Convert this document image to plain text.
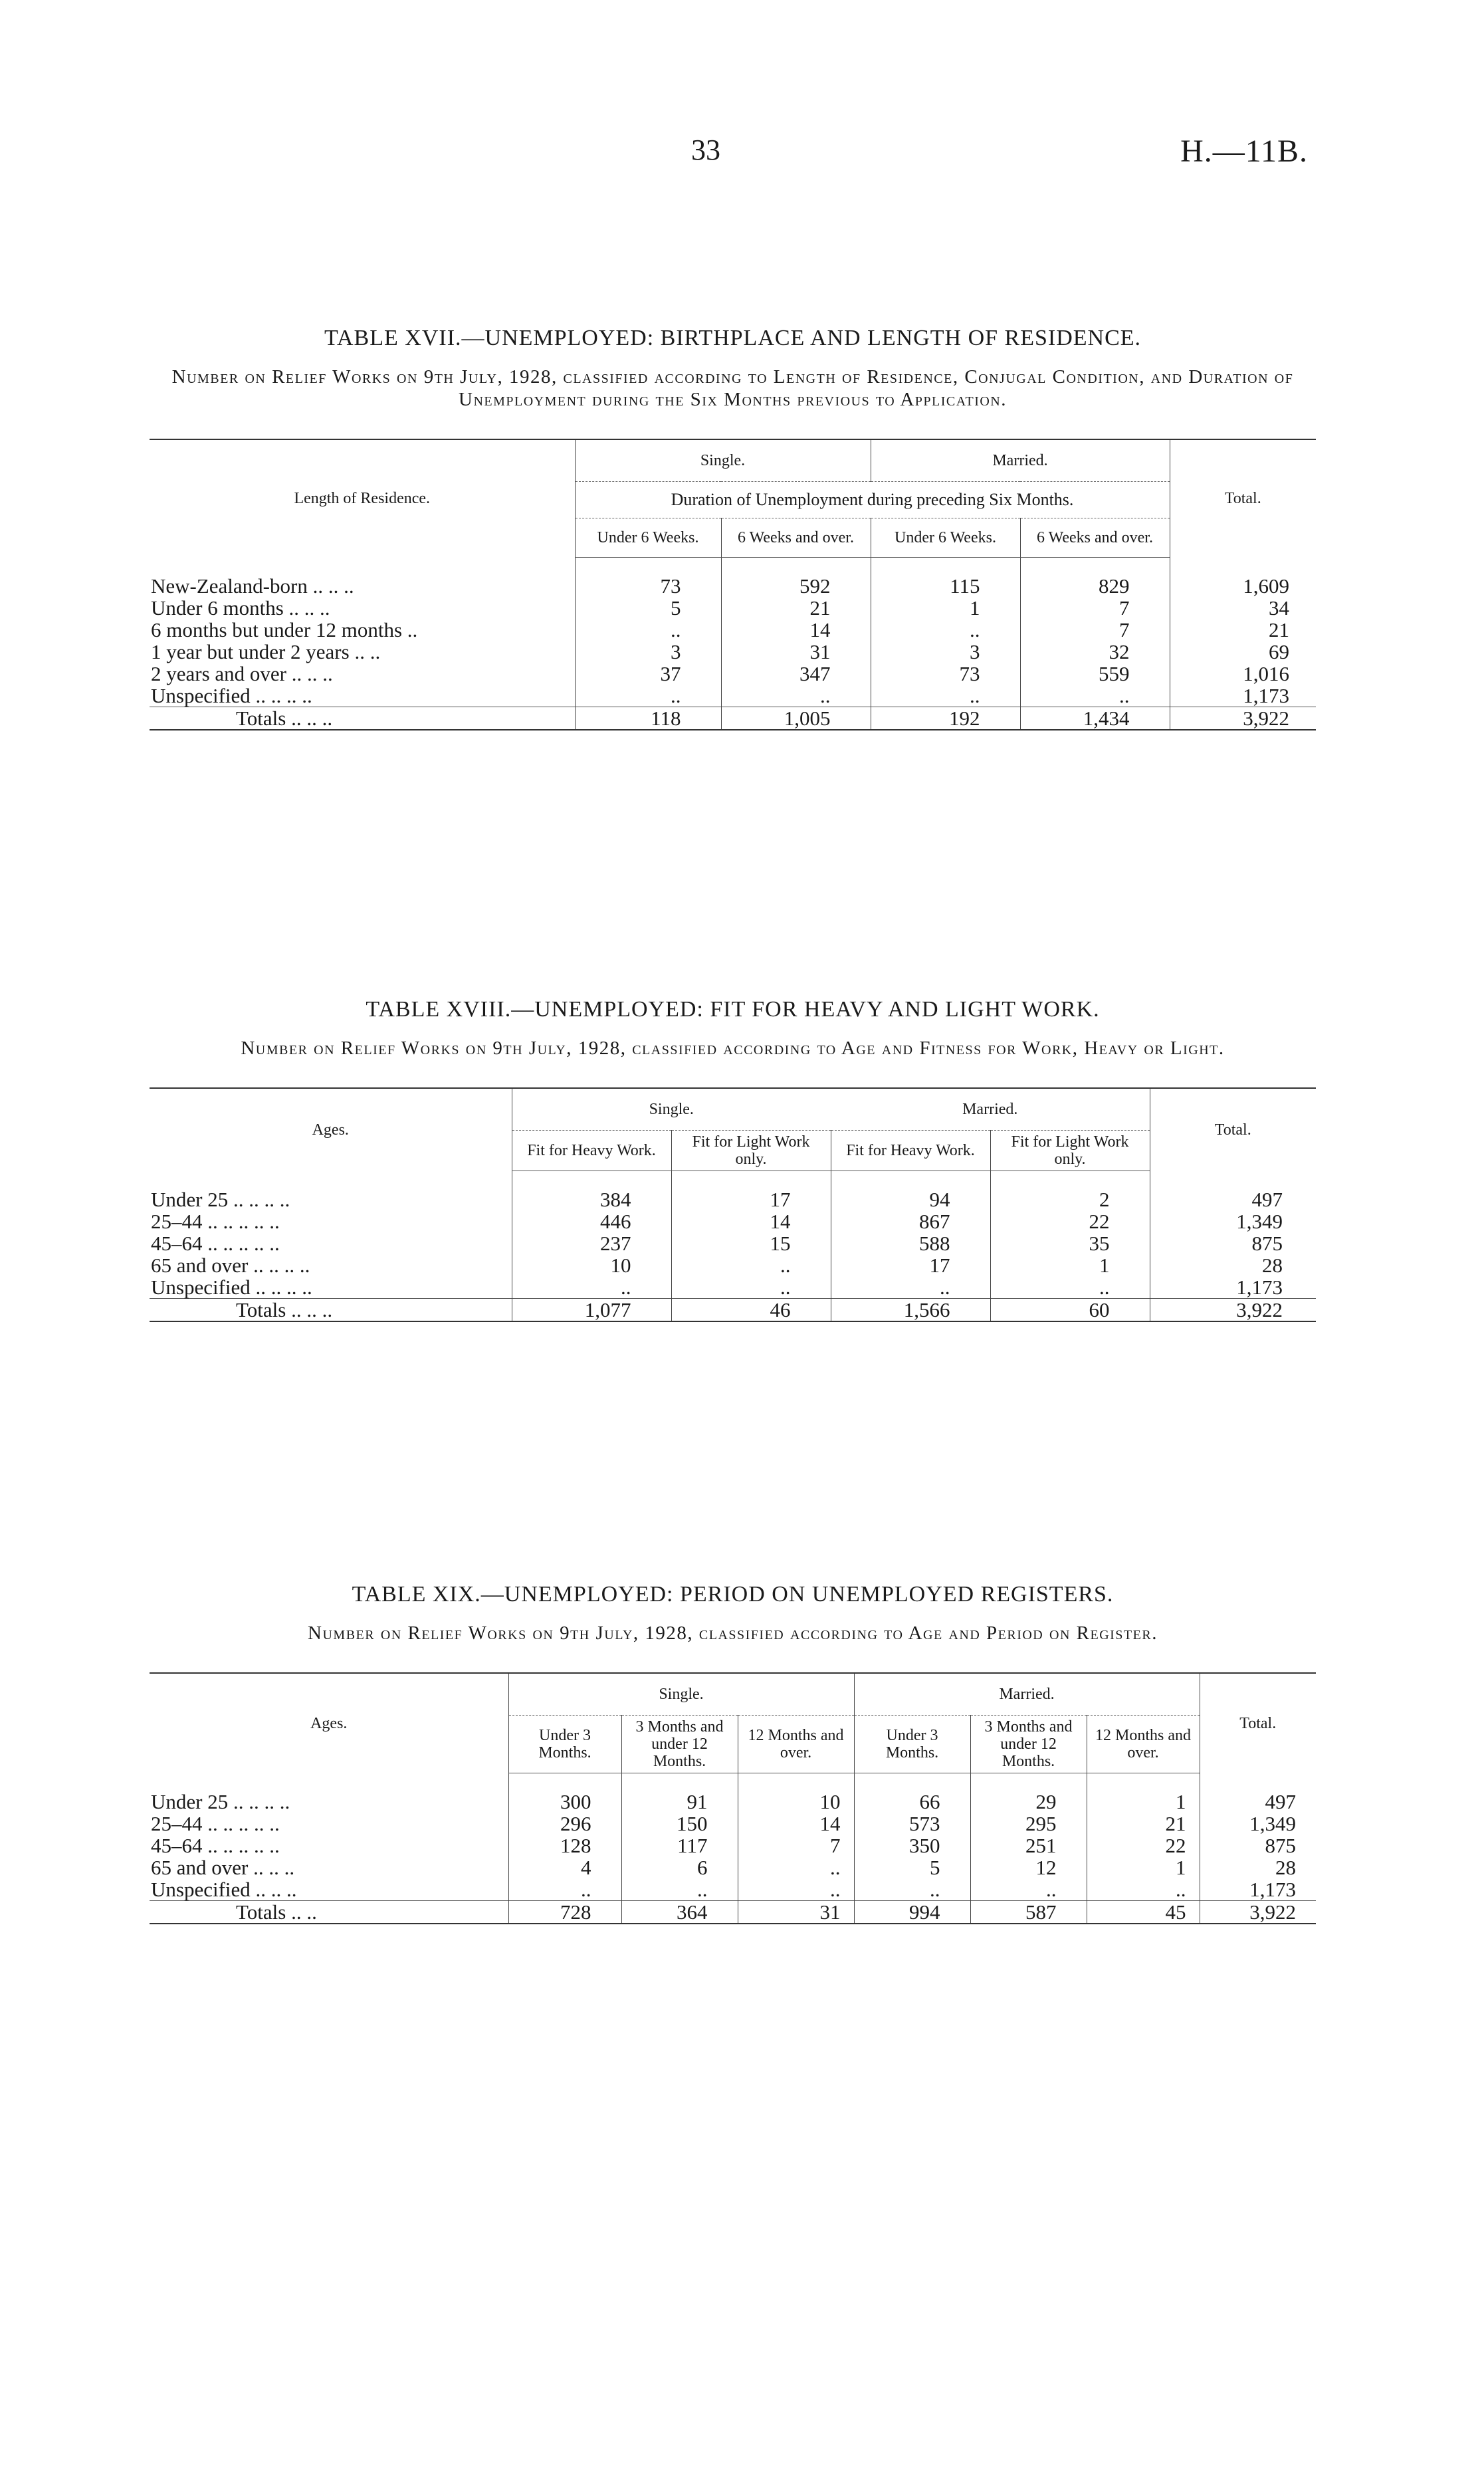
33	H.—11B.
TABLE XVII.—UNEMPLOYED: BIRTHPLACE AND LENGTH OF RESIDENCE.
Number on Relief Works on 9th July, 1928, classified according to Length of Residence, Conjugal Condition, and Duration of Unemployment during the Six Months previous to Application.
Length of Residence.	Single.		Married.		Total.
	Duration of Unemployment during preceding Six Months.				
	Under 6 Weeks.	6 Weeks and over.	Under 6 Weeks.	6 Weeks and over.	

New-Zealand-born .. .. ..	73	592	115	829	1,609
Under 6 months .. .. ..	5	21	1	7	34
6 months but under 12 months ..	..	14	..	7	21
1 year but under 2 years .. ..	3	31	3	32	69
2 years and over .. .. ..	37	347	73	559	1,016
Unspecified .. .. .. ..	..	..	..	..	1,173
Totals .. .. ..	118	1,005	192	1,434	3,922
TABLE XVIII.—UNEMPLOYED: FIT FOR HEAVY AND LIGHT WORK.
Number on Relief Works on 9th July, 1928, classified according to Age and Fitness for Work, Heavy or Light.
Ages.	Single.		Married.		Total.
	Fit for Heavy Work.	Fit for Light Work only.	Fit for Heavy Work.	Fit for Light Work only.	

Under 25 .. .. .. ..	384	17	94	2	497
25–44 .. .. .. .. ..	446	14	867	22	1,349
45–64 .. .. .. .. ..	237	15	588	35	875
65 and over .. .. .. ..	10	..	17	1	28
Unspecified .. .. .. ..	..	..	..	..	1,173
Totals .. .. ..	1,077	46	1,566	60	3,922
TABLE XIX.—UNEMPLOYED: PERIOD ON UNEMPLOYED REGISTERS.
Number on Relief Works on 9th July, 1928, classified according to Age and Period on Register.
Ages.	Single.			Married.			Total.
	Under 3 Months.	3 Months and under 12 Months.	12 Months and over.	Under 3 Months.	3 Months and under 12 Months.	12 Months and over.	

Under 25 .. .. .. ..	300	91	10	66	29	1	497
25–44 .. .. .. .. ..	296	150	14	573	295	21	1,349
45–64 .. .. .. .. ..	128	117	7	350	251	22	875
65 and over .. .. ..	4	6	..	5	12	1	28
Unspecified .. .. ..	..	..	..	..	..	..	1,173
Totals .. ..	728	364	31	994	587	45	3,922
